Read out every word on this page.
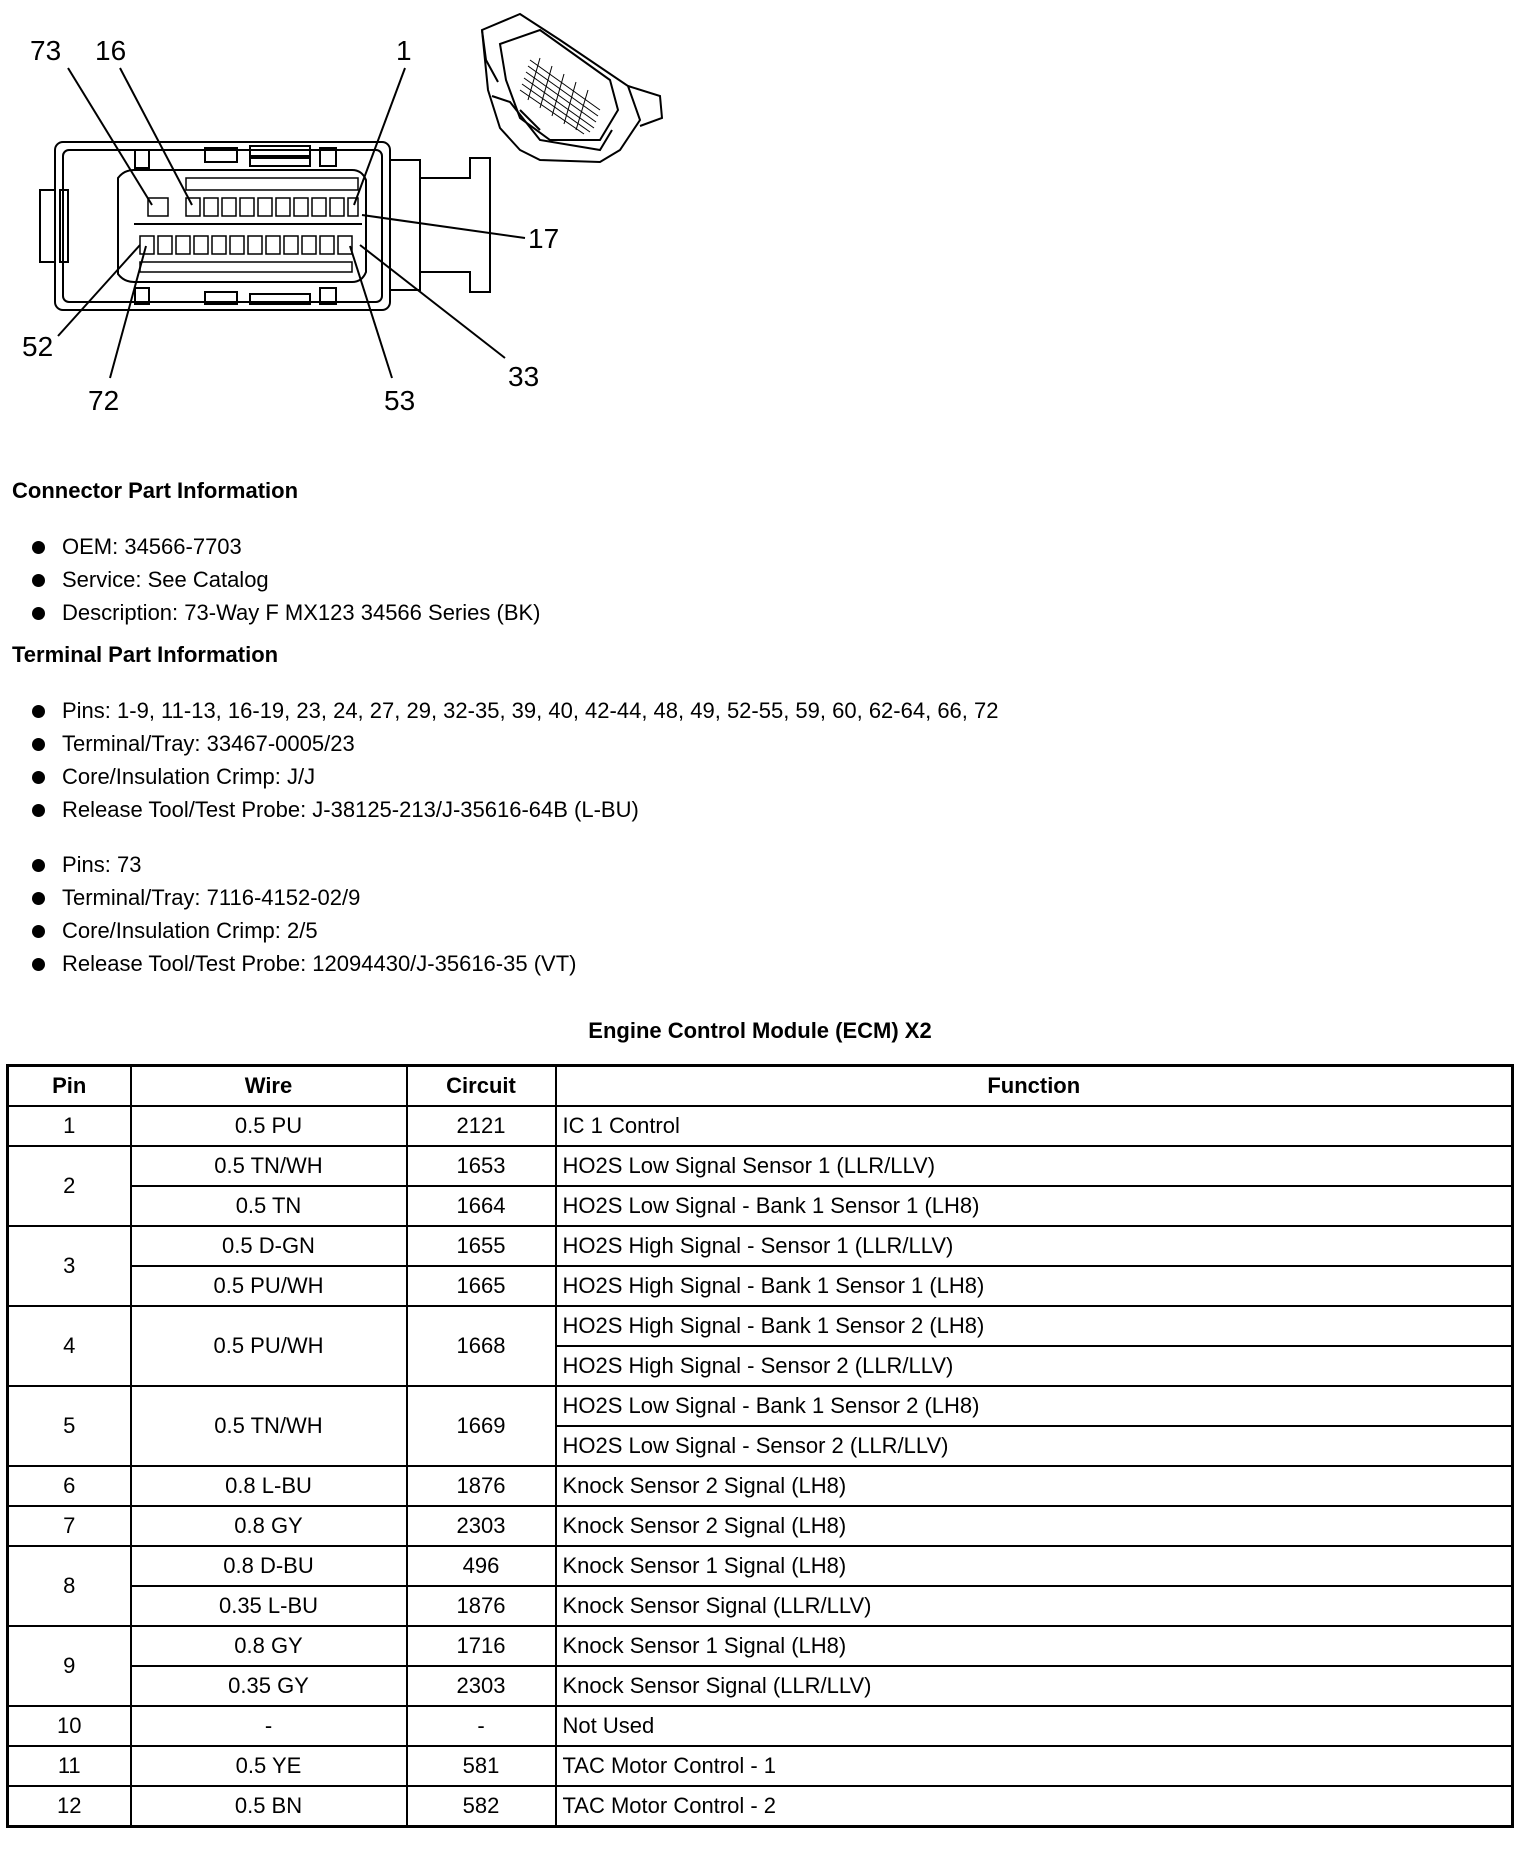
73 16	1
17
52
72	53
33
Connector Part Information
OEM: 34566-7703
Service: See Catalog
Description: 73-Way F MX123 34566 Series (BK)
Terminal Part Information
Pins: 1-9, 11-13, 16-19, 23, 24, 27, 29, 32-35, 39, 40, 42-44, 48, 49, 52-55, 59, 60, 62-64, 66, 72
Terminal/Tray: 33467-0005/23
Core/Insulation Crimp: J/J
Release Tool/Test Probe: J-38125-213/J-35616-64B (L-BU)
Pins: 73
Terminal/Tray: 7116-4152-02/9
Core/Insulation Crimp: 2/5
Release Tool/Test Probe: 12094430/J-35616-35 (VT)
Engine Control Module (ECM) X2
Pin	Wire	Circuit	Function
1	0.5 PU	2121	IC 1 Control
2	0.5 TN/WH	1653	HO2S Low Signal Sensor 1 (LLR/LLV)
	0.5 TN	1664	HO2S Low Signal - Bank 1 Sensor 1 (LH8)
3	0.5 D-GN	1655	HO2S High Signal - Sensor 1 (LLR/LLV)
	0.5 PU/WH	1665	HO2S High Signal - Bank 1 Sensor 1 (LH8)
4	0.5 PU/WH	1668	HO2S High Signal - Bank 1 Sensor 2 (LH8)
			HO2S High Signal - Sensor 2 (LLR/LLV)
5	0.5 TN/WH	1669	HO2S Low Signal - Bank 1 Sensor 2 (LH8)
			HO2S Low Signal - Sensor 2 (LLR/LLV)
6	0.8 L-BU	1876	Knock Sensor 2 Signal (LH8)
7	0.8 GY	2303	Knock Sensor 2 Signal (LH8)
8	0.8 D-BU	496	Knock Sensor 1 Signal (LH8)
	0.35 L-BU	1876	Knock Sensor Signal (LLR/LLV)
9	0.8 GY	1716	Knock Sensor 1 Signal (LH8)
	0.35 GY	2303	Knock Sensor Signal (LLR/LLV)
10	-	-	Not Used
11	0.5 YE	581	TAC Motor Control - 1
12	0.5 BN	582	TAC Motor Control - 2
